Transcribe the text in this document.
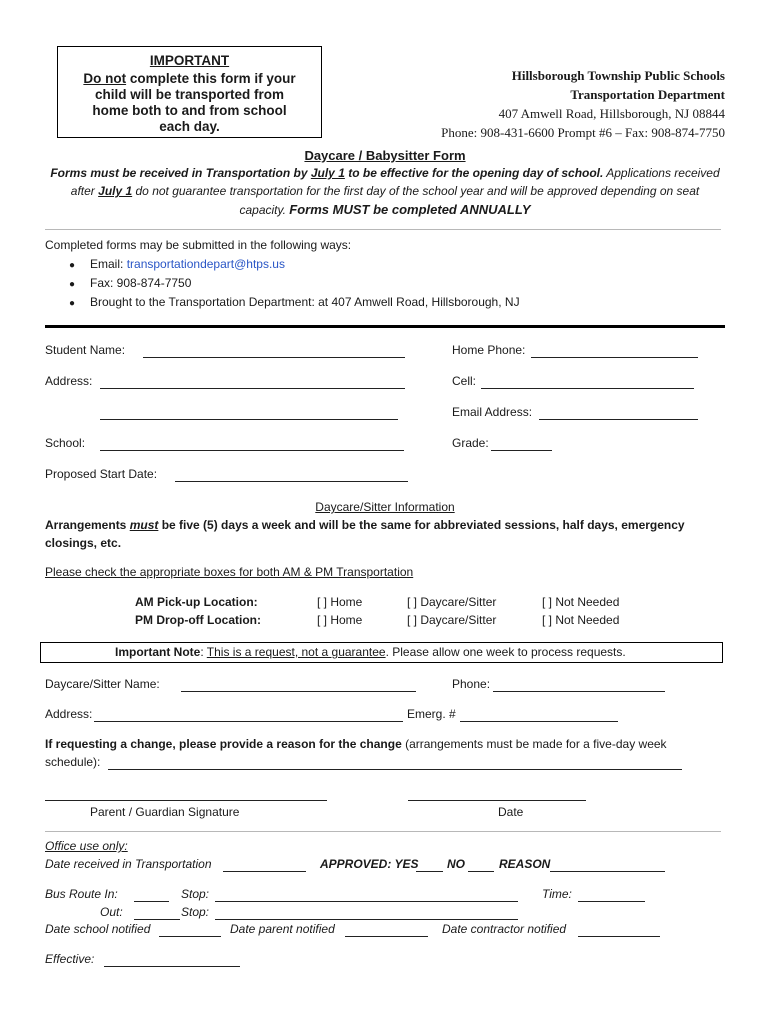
IMPORTANT
Do not complete this form if your
child will be transported from
home both to and from school
each day.
Hillsborough Township Public Schools
Transportation Department
407 Amwell Road, Hillsborough, NJ 08844
Phone: 908-431-6600 Prompt #6 – Fax: 908-874-7750
Daycare / Babysitter Form
Forms must be received in Transportation by July 1 to be effective for the opening day of school. Applications received
after July 1 do not guarantee transportation for the first day of the school year and will be approved depending on seat
capacity. Forms MUST be completed ANNUALLY
Completed forms may be submitted in the following ways:
● Email: transportationdepart@htps.us
● Fax: 908-874-7750
● Brought to the Transportation Department: at 407 Amwell Road, Hillsborough, NJ
Student Name:	Home Phone:
Address:	Cell:
Email Address:
School:	Grade:
Proposed Start Date:
Daycare/Sitter Information
Arrangements must be five (5) days a week and will be the same for abbreviated sessions, half days, emergency
closings, etc.
Please check the appropriate boxes for both AM & PM Transportation
AM Pick-up Location:	[ ] Home	[ ] Daycare/Sitter	[ ] Not Needed
PM Drop-off Location:	[ ] Home	[ ] Daycare/Sitter	[ ] Not Needed
Important Note: This is a request, not a guarantee. Please allow one week to process requests.
Daycare/Sitter Name:	Phone:
Address:	Emerg. #
If requesting a change, please provide a reason for the change (arrangements must be made for a five-day week
schedule):
Parent / Guardian Signature	Date
Office use only:
Date received in Transportation	APPROVED: YES NO	REASON
Bus Route In:	Stop:	Time:
Out:	Stop:
Date school notified	Date parent notified	Date contractor notified
Effective:
